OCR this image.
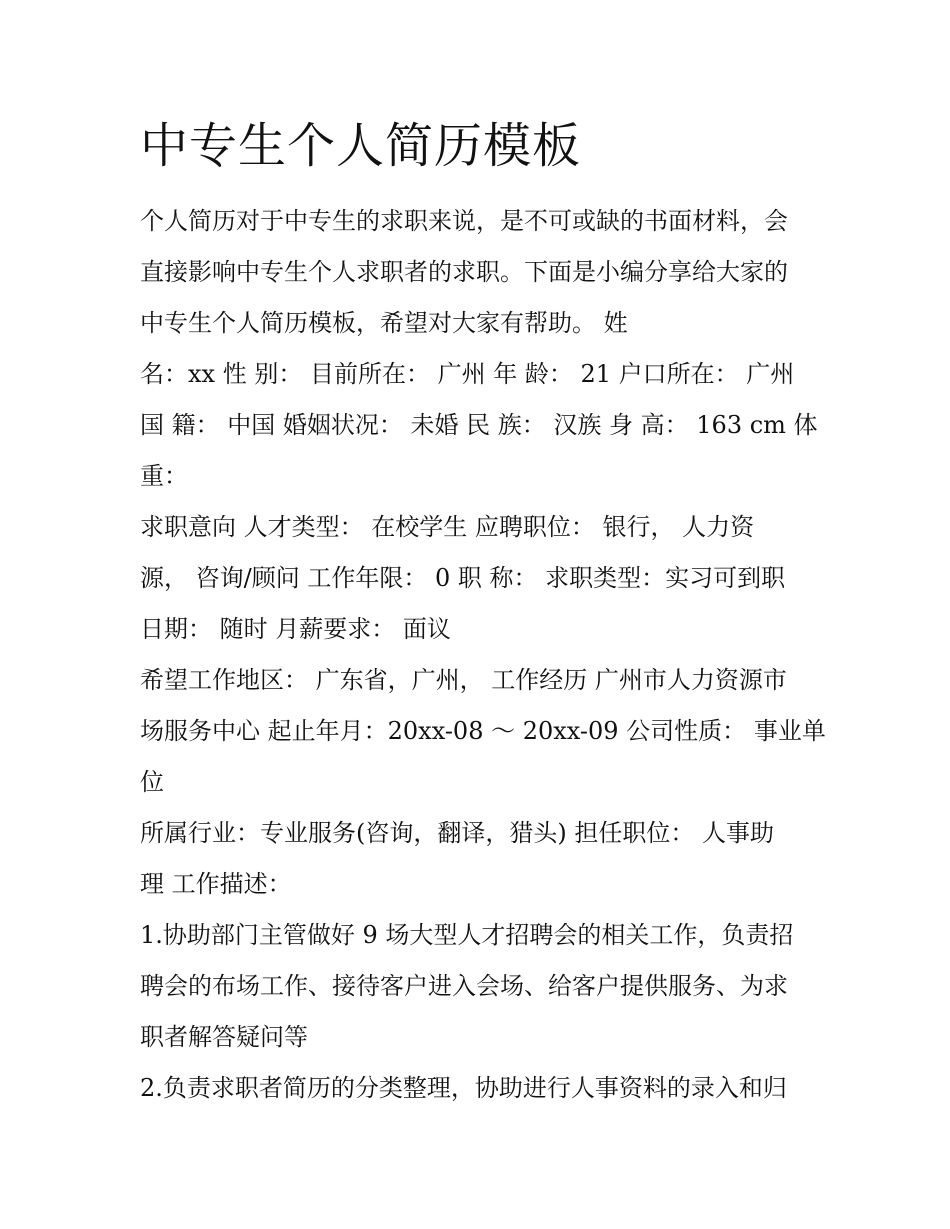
中专生个人简历模板

个人简历对于中专生的求职来说，是不可或缺的书面材料，会

直接影响中专生个人求职者的求职。下面是小编分享给大家的

中专生个人简历模板，希望对大家有帮助。 姓

名：xx 性 别： 目前所在： 广州 年 龄： 21 户口所在： 广州

国 籍： 中国 婚姻状况： 未婚 民 族： 汉族 身 高： 163 cm 体

重：

求职意向 人才类型： 在校学生 应聘职位： 银行， 人力资

源， 咨询/顾问 工作年限： 0 职 称： 求职类型：实习可到职

日期： 随时 月薪要求： 面议

希望工作地区： 广东省，广州， 工作经历 广州市人力资源市

场服务中心 起止年月：20xx-08 ～ 20xx-09 公司性质： 事业单

位

所属行业：专业服务(咨询，翻译，猎头) 担任职位： 人事助

理 工作描述：

1.协助部门主管做好 9 场大型人才招聘会的相关工作，负责招

聘会的布场工作、接待客户进入会场、给客户提供服务、为求

职者解答疑问等

2.负责求职者简历的分类整理，协助进行人事资料的录入和归
